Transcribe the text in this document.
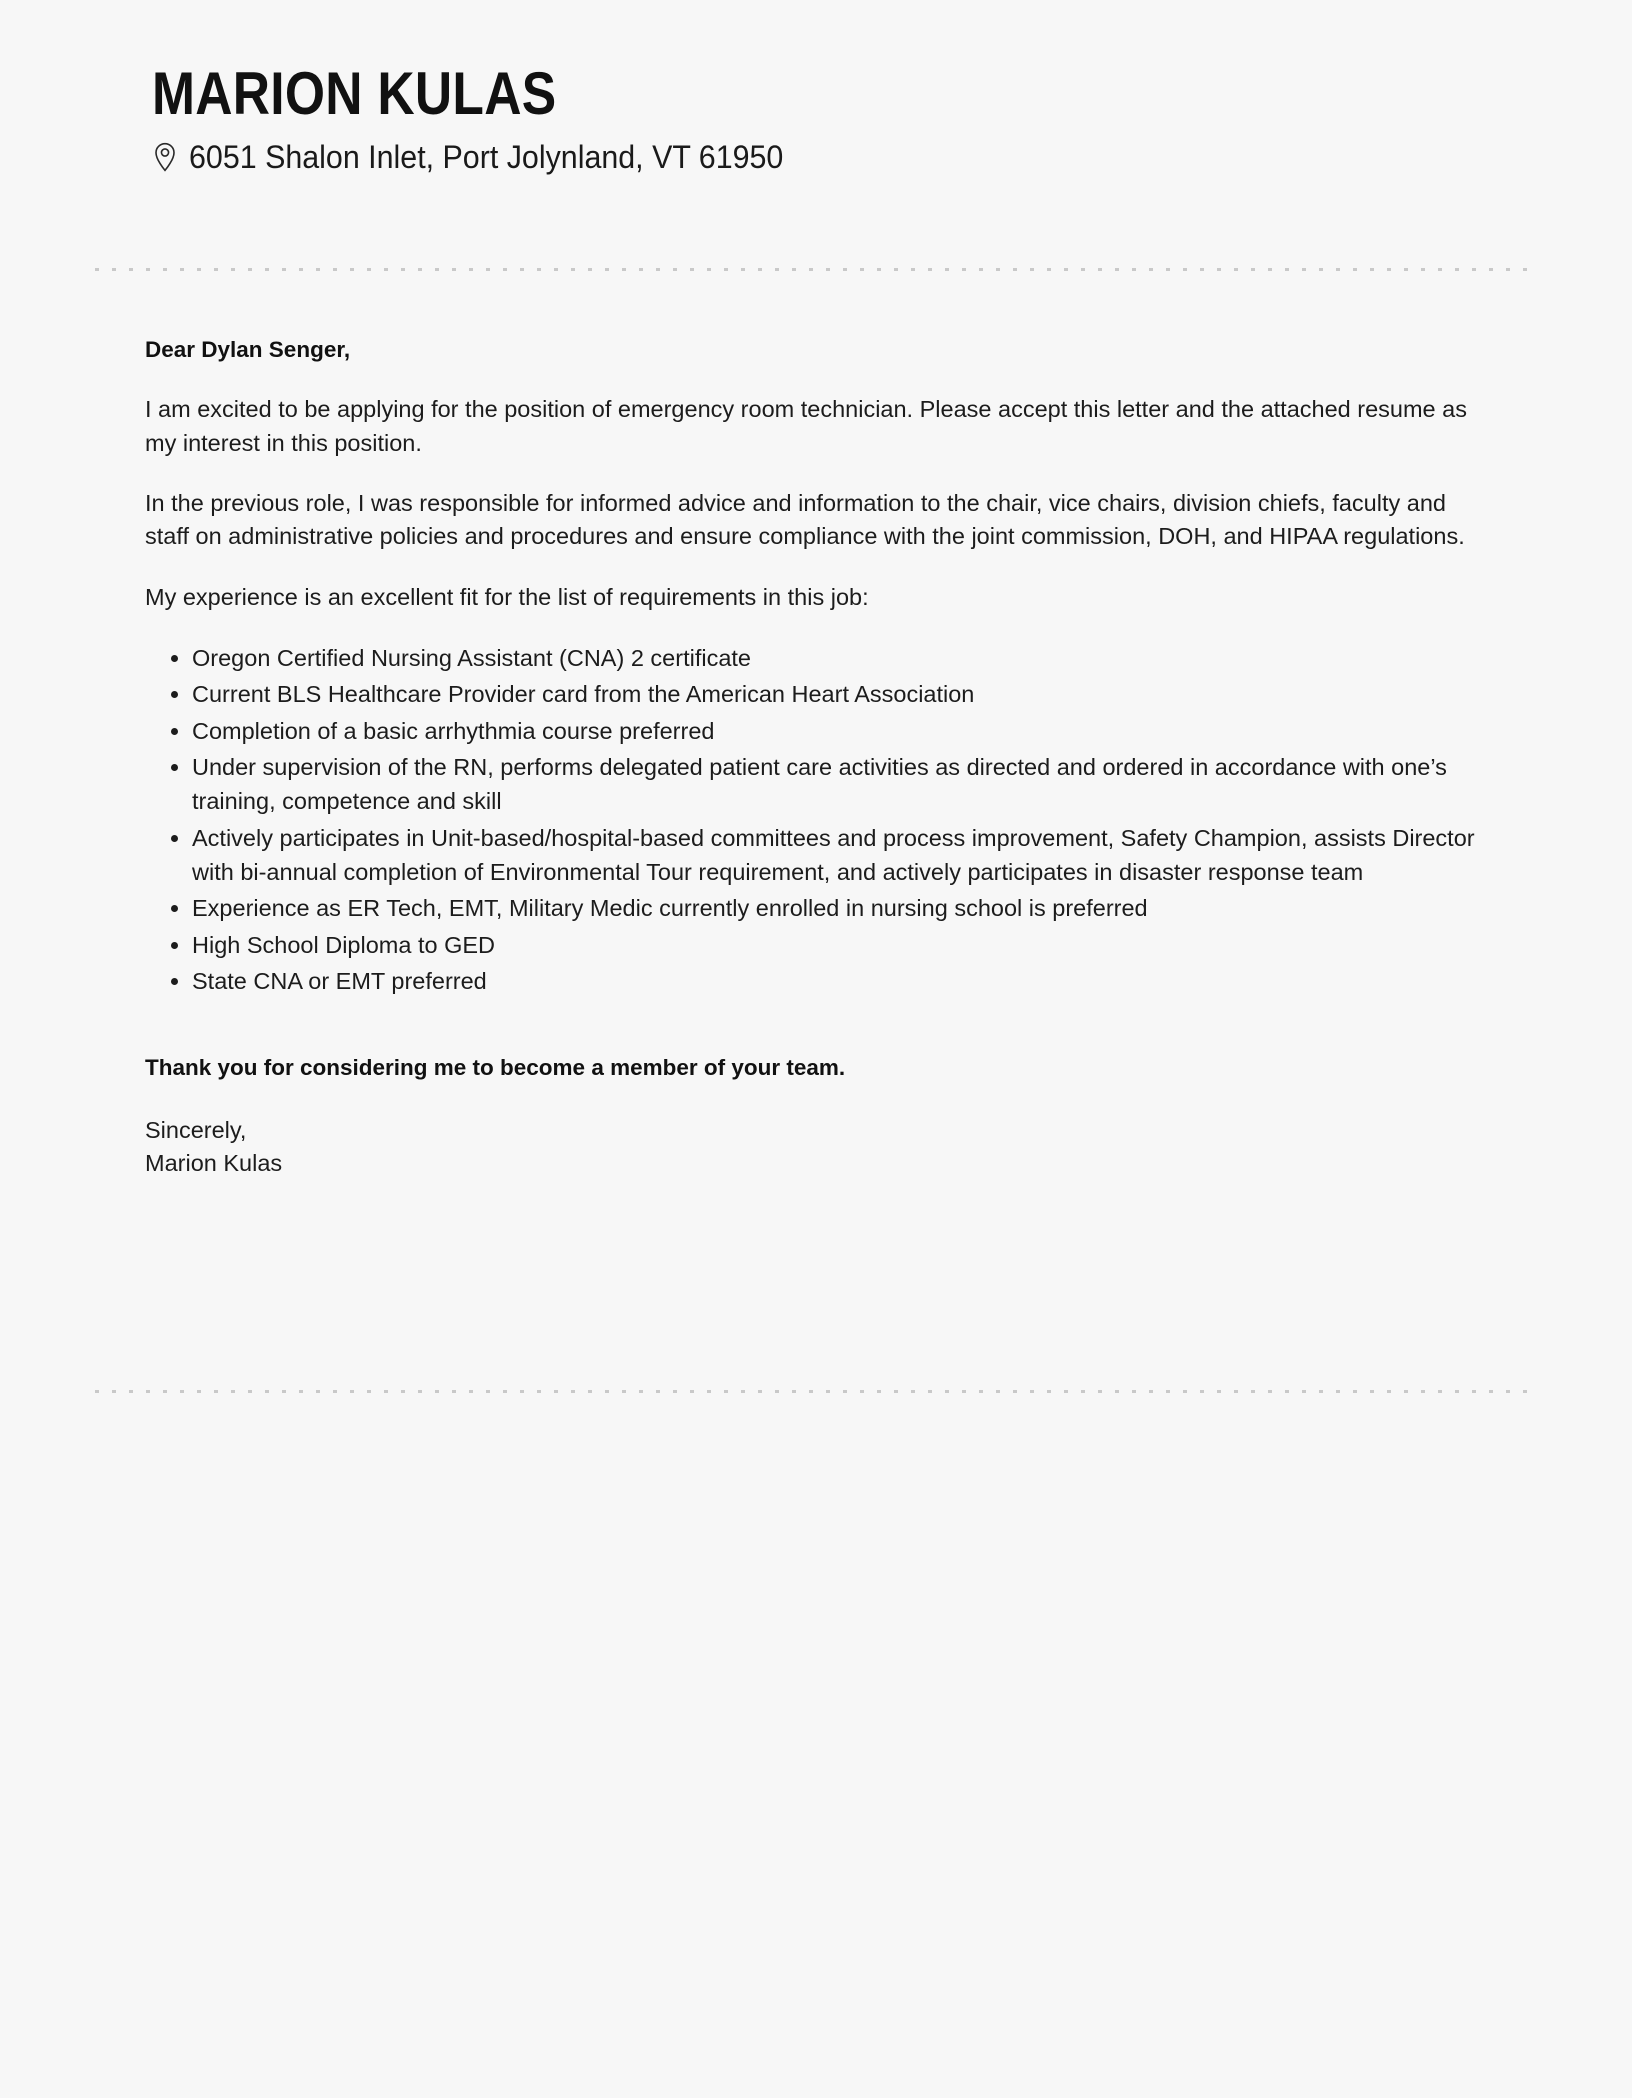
MARION KULAS
6051 Shalon Inlet, Port Jolynland, VT 61950

Dear Dylan Senger,

I am excited to be applying for the position of emergency room technician. Please accept this letter and the attached resume as my interest in this position.

In the previous role, I was responsible for informed advice and information to the chair, vice chairs, division chiefs, faculty and staff on administrative policies and procedures and ensure compliance with the joint commission, DOH, and HIPAA regulations.

My experience is an excellent fit for the list of requirements in this job:

Oregon Certified Nursing Assistant (CNA) 2 certificate
Current BLS Healthcare Provider card from the American Heart Association
Completion of a basic arrhythmia course preferred
Under supervision of the RN, performs delegated patient care activities as directed and ordered in accordance with one’s training, competence and skill
Actively participates in Unit-based/hospital-based committees and process improvement, Safety Champion, assists Director with bi-annual completion of Environmental Tour requirement, and actively participates in disaster response team
Experience as ER Tech, EMT, Military Medic currently enrolled in nursing school is preferred
High School Diploma to GED
State CNA or EMT preferred

Thank you for considering me to become a member of your team.

Sincerely,
Marion Kulas
